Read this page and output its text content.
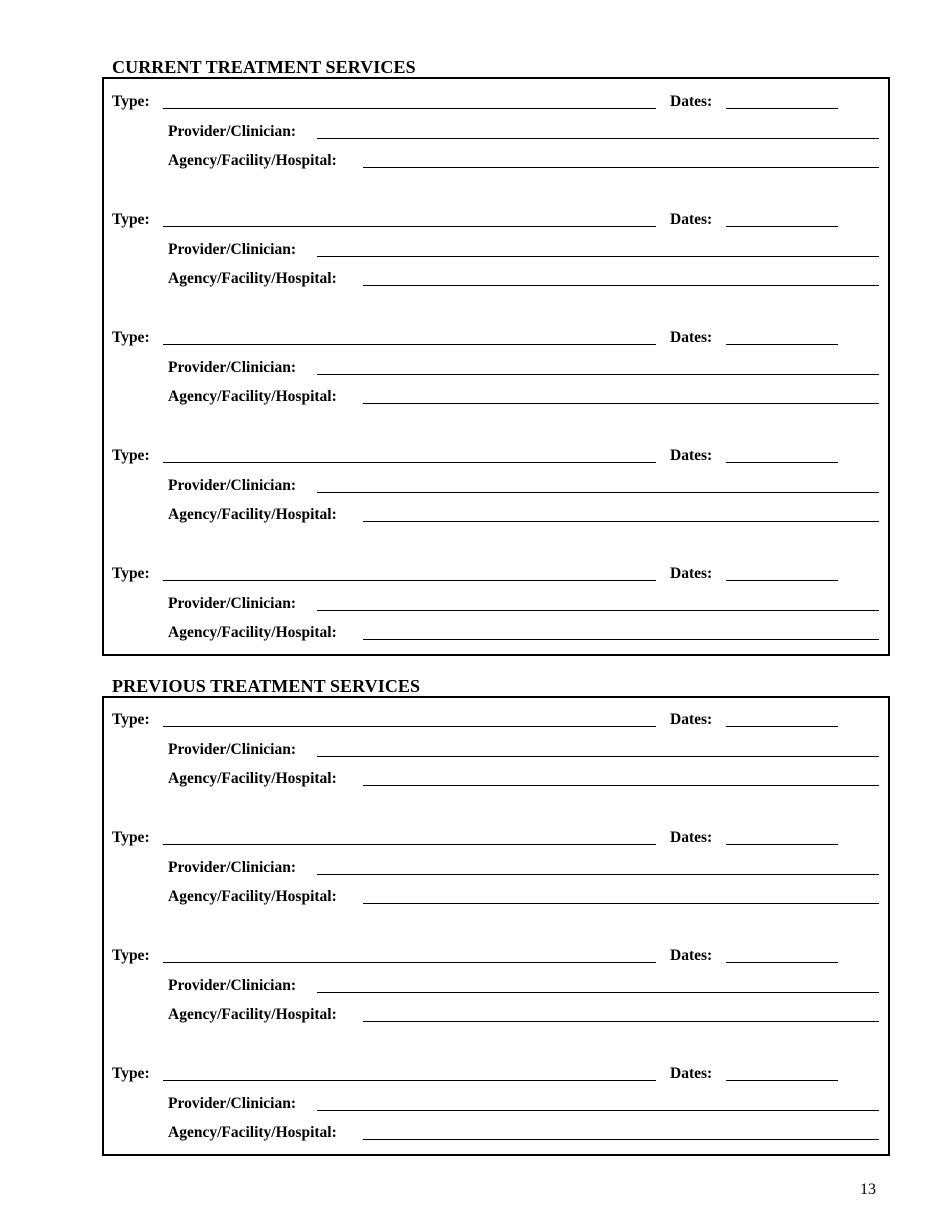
CURRENT TREATMENT SERVICES
Type:	Dates:
Provider/Clinician:
Agency/Facility/Hospital:
Type:	Dates:
Provider/Clinician:
Agency/Facility/Hospital:
Type:	Dates:
Provider/Clinician:
Agency/Facility/Hospital:
Type:	Dates:
Provider/Clinician:
Agency/Facility/Hospital:
Type:	Dates:
Provider/Clinician:
Agency/Facility/Hospital:
PREVIOUS TREATMENT SERVICES
Type:	Dates:
Provider/Clinician:
Agency/Facility/Hospital:
Type:	Dates:
Provider/Clinician:
Agency/Facility/Hospital:
Type:	Dates:
Provider/Clinician:
Agency/Facility/Hospital:
Type:	Dates:
Provider/Clinician:
Agency/Facility/Hospital:
13
